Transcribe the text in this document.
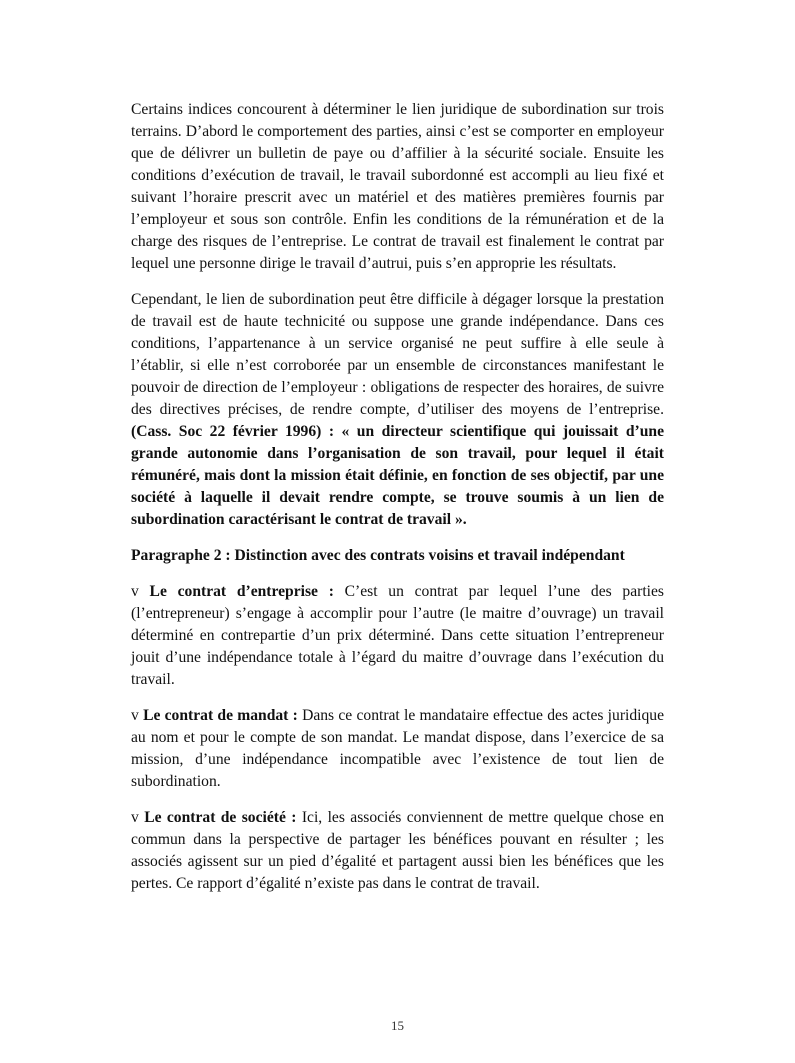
Certains indices concourent à déterminer le lien juridique de subordination sur trois terrains. D’abord le comportement des parties, ainsi c’est se comporter en employeur que de délivrer un bulletin de paye ou d’affilier à la sécurité sociale. Ensuite les conditions d’exécution de travail, le travail subordonné est accompli au lieu fixé et suivant l’horaire prescrit avec un matériel et des matières premières fournis par l’employeur et sous son contrôle. Enfin les conditions de la rémunération et de la charge des risques de l’entreprise. Le contrat de travail est finalement le contrat par lequel une personne dirige le travail d’autrui, puis s’en approprie les résultats.

Cependant, le lien de subordination peut être difficile à dégager lorsque la prestation de travail est de haute technicité ou suppose une grande indépendance. Dans ces conditions, l’appartenance à un service organisé ne peut suffire à elle seule à l’établir, si elle n’est corroborée par un ensemble de circonstances manifestant le pouvoir de direction de l’employeur : obligations de respecter des horaires, de suivre des directives précises, de rendre compte, d’utiliser des moyens de l’entreprise. (Cass. Soc 22 février 1996) : « un directeur scientifique qui jouissait d’une grande autonomie dans l’organisation de son travail, pour lequel il était rémunéré, mais dont la mission était définie, en fonction de ses objectif, par une société à laquelle il devait rendre compte, se trouve soumis à un lien de subordination caractérisant le contrat de travail ».

Paragraphe 2 : Distinction avec des contrats voisins et travail indépendant

v Le contrat d’entreprise : C’est un contrat par lequel l’une des parties (l’entrepreneur) s’engage à accomplir pour l’autre (le maitre d’ouvrage) un travail déterminé en contrepartie d’un prix déterminé. Dans cette situation l’entrepreneur jouit d’une indépendance totale à l’égard du maitre d’ouvrage dans l’exécution du travail.

v Le contrat de mandat : Dans ce contrat le mandataire effectue des actes juridique au nom et pour le compte de son mandat. Le mandat dispose, dans l’exercice de sa mission, d’une indépendance incompatible avec l’existence de tout lien de subordination.

v Le contrat de société : Ici, les associés conviennent de mettre quelque chose en commun dans la perspective de partager les bénéfices pouvant en résulter ; les associés agissent sur un pied d’égalité et partagent aussi bien les bénéfices que les pertes. Ce rapport d’égalité n’existe pas dans le contrat de travail.

15
